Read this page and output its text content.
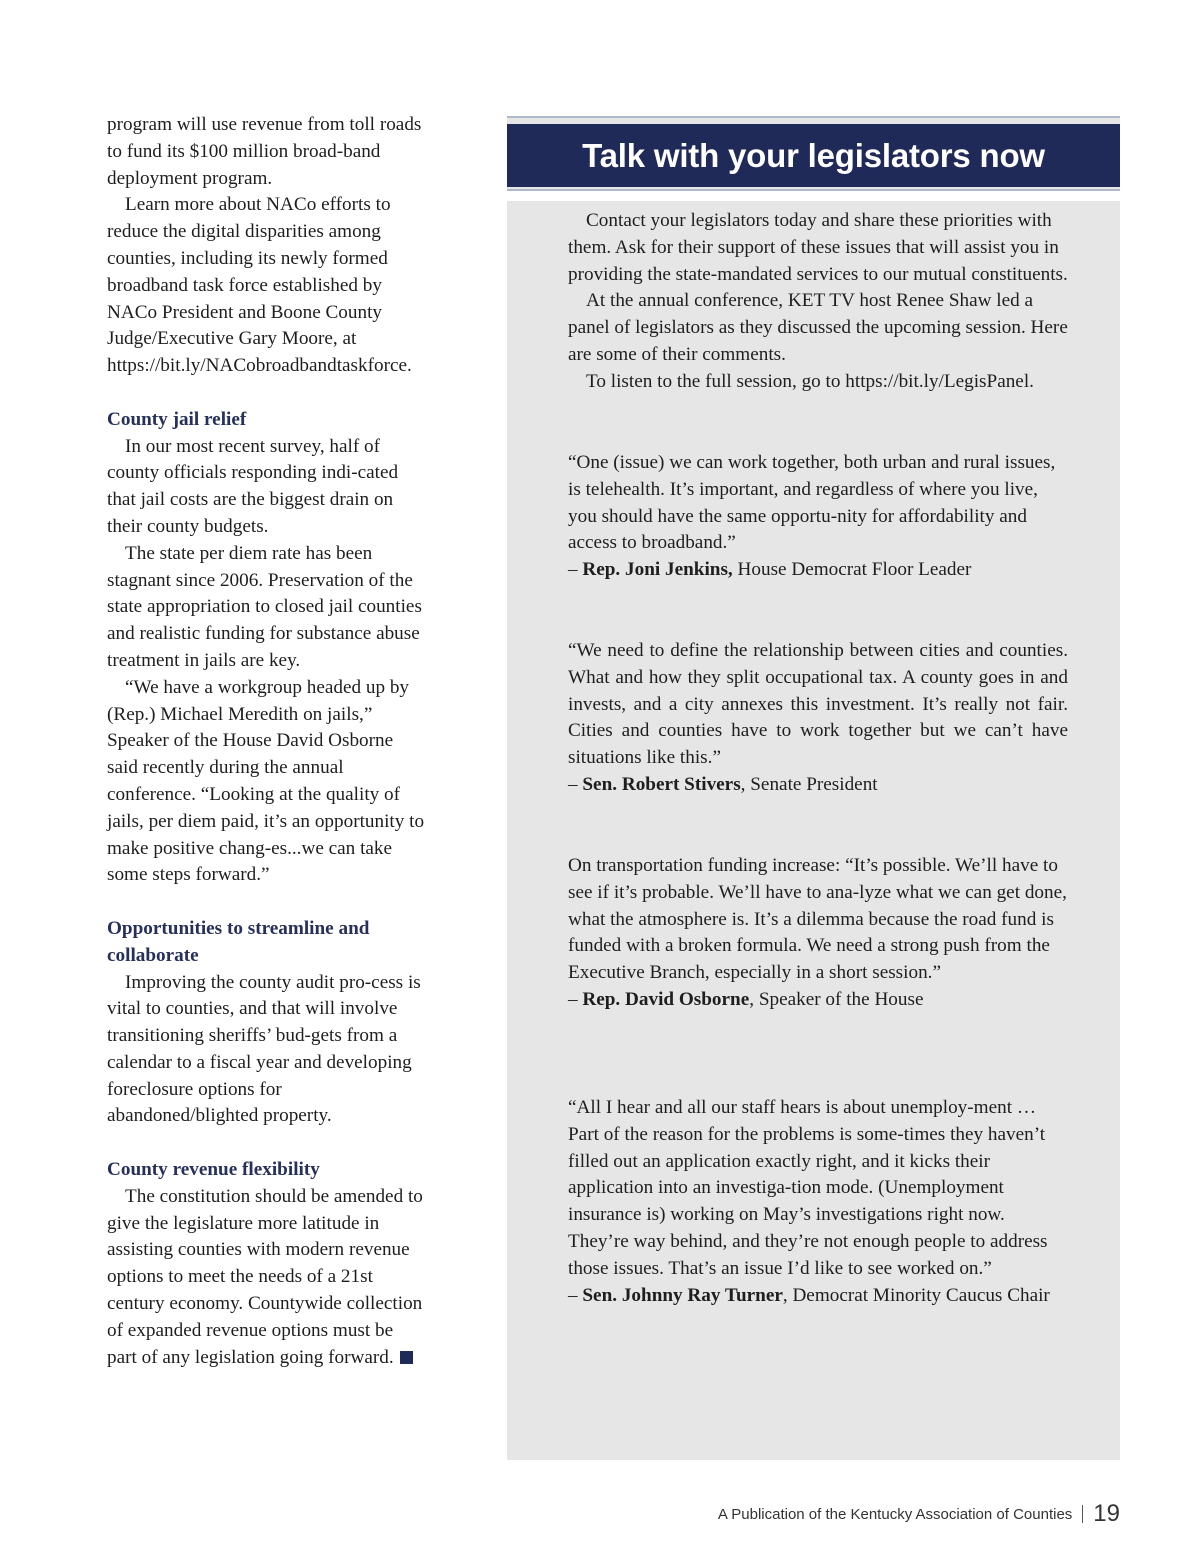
program will use revenue from toll roads to fund its $100 million broad-band deployment program.

Learn more about NACo efforts to reduce the digital disparities among counties, including its newly formed broadband task force established by NACo President and Boone County Judge/Executive Gary Moore, at https://bit.ly/NACobroadbandtaskforce.

County jail relief

In our most recent survey, half of county officials responding indi-cated that jail costs are the biggest drain on their county budgets.

The state per diem rate has been stagnant since 2006. Preservation of the state appropriation to closed jail counties and realistic funding for substance abuse treatment in jails are key.

“We have a workgroup headed up by (Rep.) Michael Meredith on jails,” Speaker of the House David Osborne said recently during the annual conference. “Looking at the quality of jails, per diem paid, it’s an opportunity to make positive chang-es...we can take some steps forward.”

Opportunities to streamline and collaborate

Improving the county audit pro-cess is vital to counties, and that will involve transitioning sheriffs’ bud-gets from a calendar to a fiscal year and developing foreclosure options for abandoned/blighted property.

County revenue flexibility

The constitution should be amended to give the legislature more latitude in assisting counties with modern revenue options to meet the needs of a 21st century economy. Countywide collection of expanded revenue options must be part of any legislation going forward.

Talk with your legislators now

Contact your legislators today and share these priorities with them. Ask for their support of these issues that will assist you in providing the state-mandated services to our mutual constituents.

At the annual conference, KET TV host Renee Shaw led a panel of legislators as they discussed the upcoming session. Here are some of their comments.

To listen to the full session, go to https://bit.ly/LegisPanel.

“One (issue) we can work together, both urban and rural issues, is telehealth. It’s important, and regardless of where you live, you should have the same opportu-nity for affordability and access to broadband.”
– Rep. Joni Jenkins, House Democrat Floor Leader
“We need to define the relationship between cities and counties. What and how they split occupational tax. A county goes in and invests, and a city annexes this investment. It’s really not fair. Cities and counties have to work together but we can’t have situations like this.”
– Sen. Robert Stivers, Senate President
On transportation funding increase: “It’s possible. We’ll have to see if it’s probable. We’ll have to ana-lyze what we can get done, what the atmosphere is. It’s a dilemma because the road fund is funded with a broken formula. We need a strong push from the Executive Branch, especially in a short session.”
– Rep. David Osborne, Speaker of the House
“All I hear and all our staff hears is about unemploy-ment … Part of the reason for the problems is some-times they haven’t filled out an application exactly right, and it kicks their application into an investiga-tion mode. (Unemployment insurance is) working on May’s investigations right now. They’re way behind, and they’re not enough people to address those issues. That’s an issue I’d like to see worked on.”
– Sen. Johnny Ray Turner, Democrat Minority Caucus Chair
A Publication of the Kentucky Association of Counties 19
